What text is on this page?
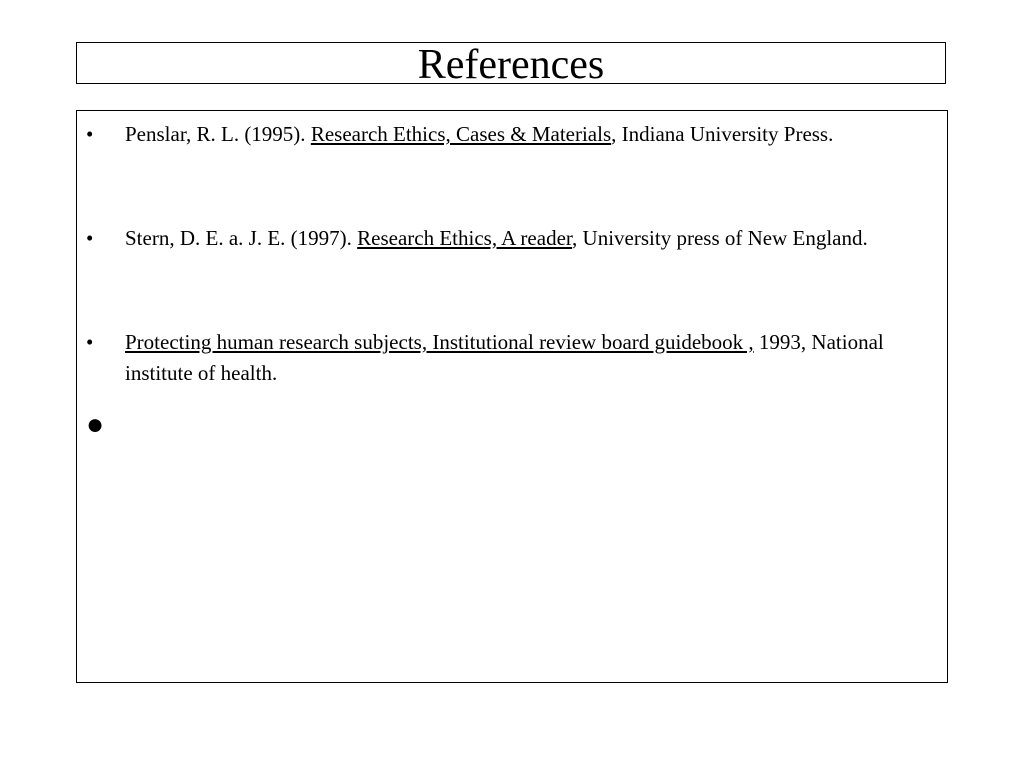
References
•	Penslar, R. L. (1995). Research Ethics, Cases & Materials, Indiana University Press.
•	Stern, D. E. a. J. E. (1997). Research Ethics, A reader, University press of New England.
•	Protecting human research subjects, Institutional review board guidebook , 1993, National institute of health.
●
